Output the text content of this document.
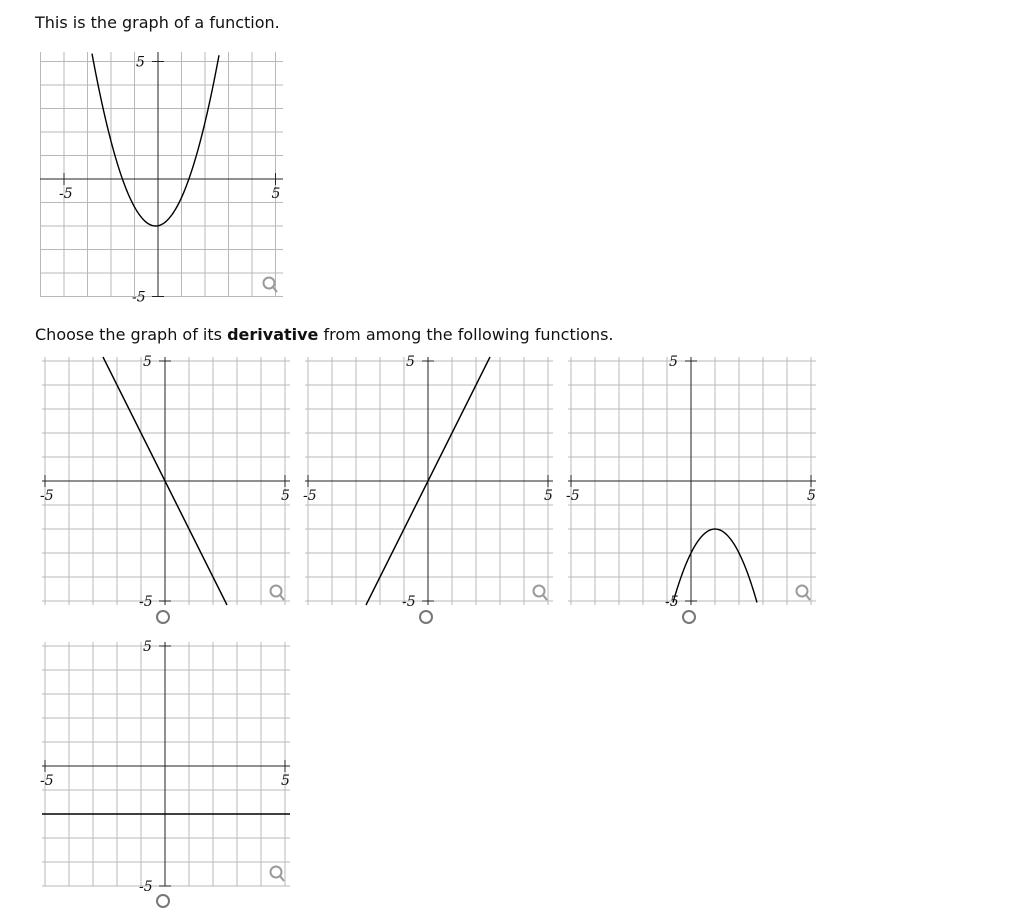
This is the graph of a function.

Choose the graph of its derivative from among the following functions.

-5	5
5
-5
-5	5
5
-5
-5	5
5
-5
-5	5
5
-5
-5	5
5
-5
